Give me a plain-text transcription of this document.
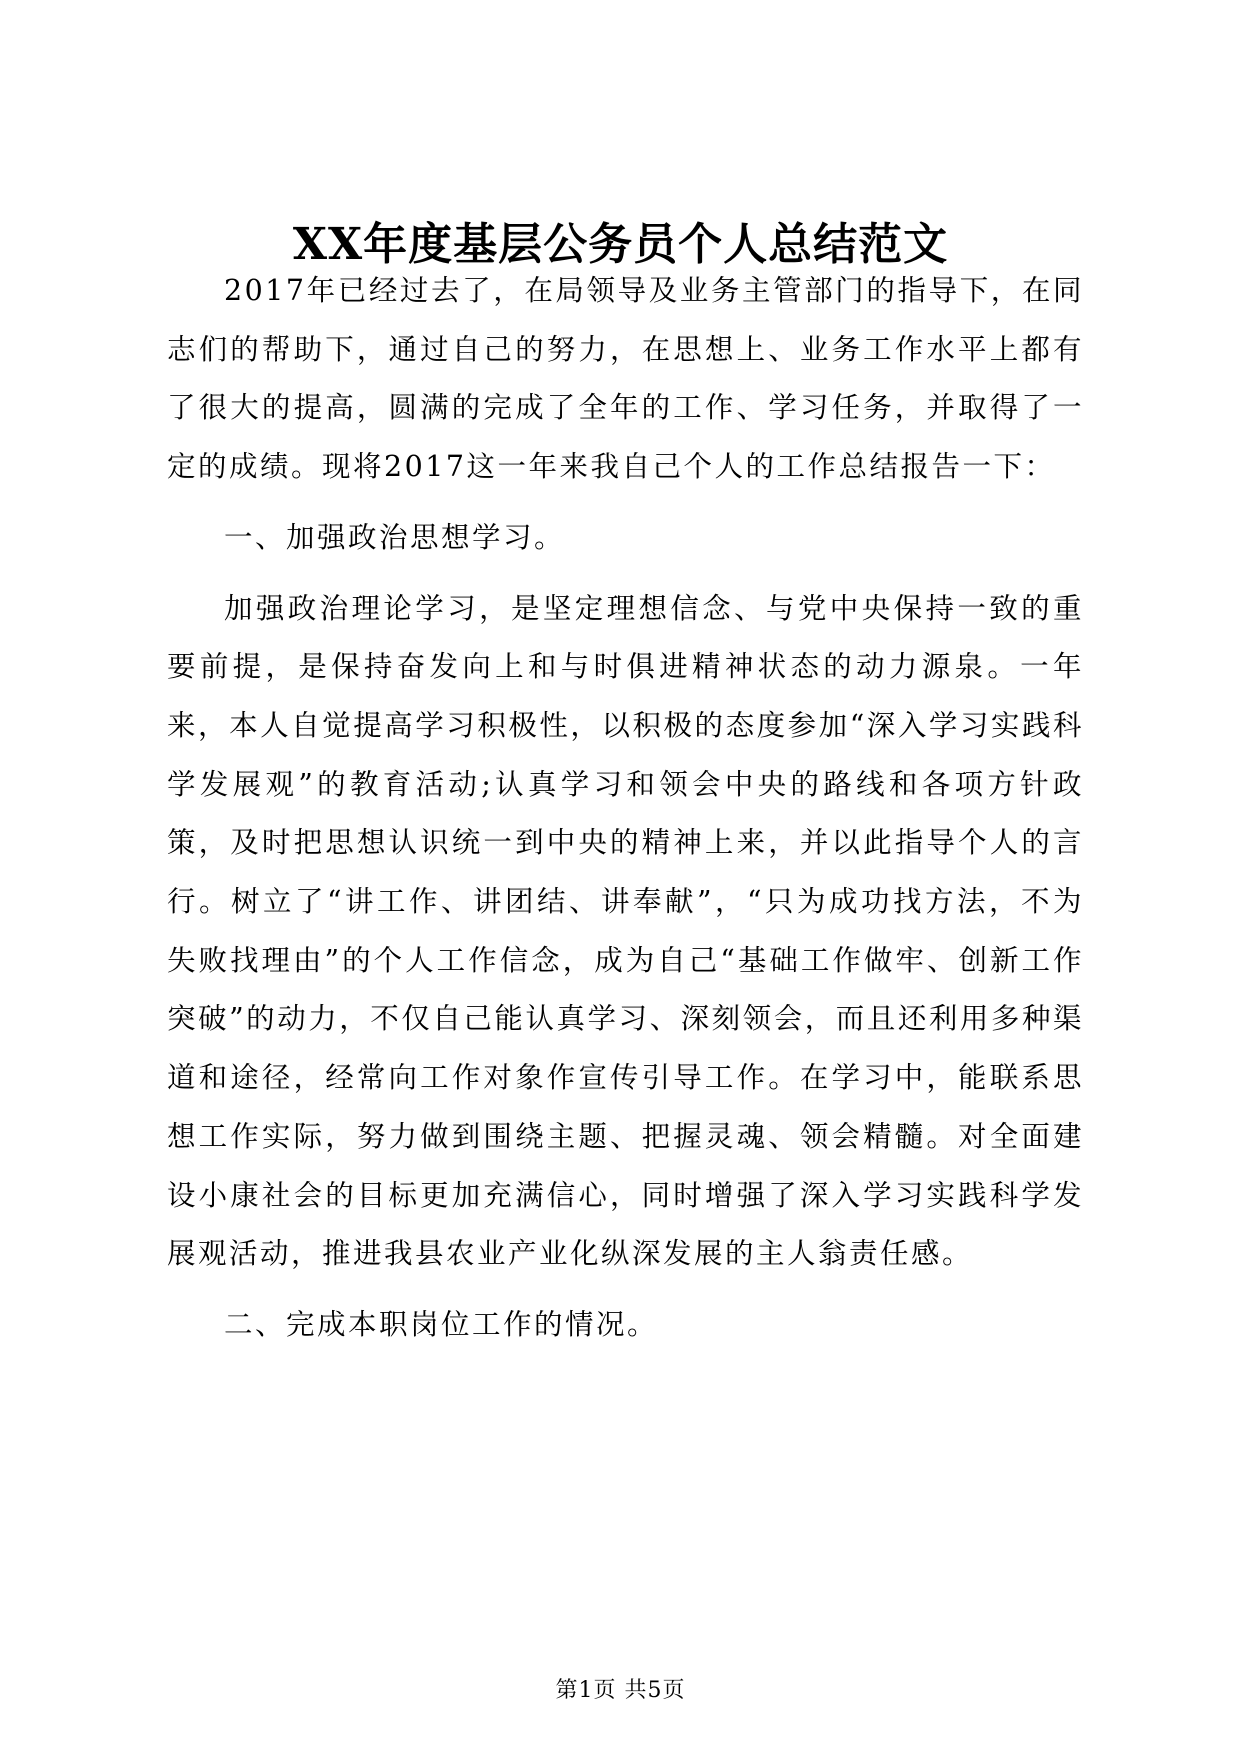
XX年度基层公务员个人总结范文

2017年已经过去了，在局领导及业务主管部门的指导下，在同志们的帮助下，通过自己的努力，在思想上、业务工作水平上都有了很大的提高，圆满的完成了全年的工作、学习任务，并取得了一定的成绩。现将2017这一年来我自己个人的工作总结报告一下：

一、加强政治思想学习。

加强政治理论学习，是坚定理想信念、与党中央保持一致的重要前提，是保持奋发向上和与时俱进精神状态的动力源泉。一年来，本人自觉提高学习积极性，以积极的态度参加“深入学习实践科学发展观”的教育活动;认真学习和领会中央的路线和各项方针政策，及时把思想认识统一到中央的精神上来，并以此指导个人的言行。树立了“讲工作、讲团结、讲奉献”，“只为成功找方法，不为失败找理由”的个人工作信念，成为自己“基础工作做牢、创新工作突破”的动力，不仅自己能认真学习、深刻领会，而且还利用多种渠道和途径，经常向工作对象作宣传引导工作。在学习中，能联系思想工作实际，努力做到围绕主题、把握灵魂、领会精髓。对全面建设小康社会的目标更加充满信心，同时增强了深入学习实践科学发展观活动，推进我县农业产业化纵深发展的主人翁责任感。

二、完成本职岗位工作的情况。

第1页 共5页
